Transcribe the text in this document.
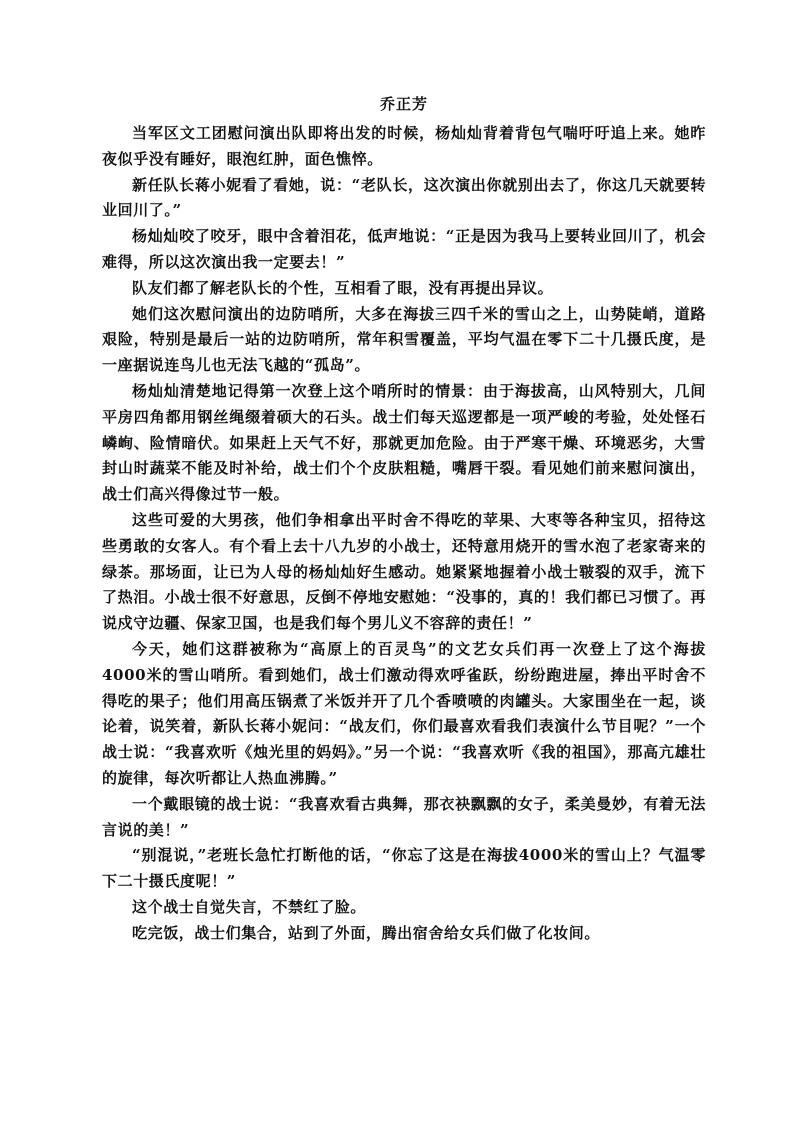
乔正芳

当军区文工团慰问演出队即将出发的时候，杨灿灿背着背包气喘吁吁追上来。她昨夜似乎没有睡好，眼泡红肿，面色憔悴。

新任队长蒋小妮看了看她，说：“老队长，这次演出你就别出去了，你这几天就要转业回川了。”

杨灿灿咬了咬牙，眼中含着泪花，低声地说：“正是因为我马上要转业回川了，机会难得，所以这次演出我一定要去！”

队友们都了解老队长的个性，互相看了眼，没有再提出异议。

她们这次慰问演出的边防哨所，大多在海拔三四千米的雪山之上，山势陡峭，道路艰险，特别是最后一站的边防哨所，常年积雪覆盖，平均气温在零下二十几摄氏度，是一座据说连鸟儿也无法飞越的“孤岛”。

杨灿灿清楚地记得第一次登上这个哨所时的情景：由于海拔高，山风特别大，几间平房四角都用钢丝绳缀着硕大的石头。战士们每天巡逻都是一项严峻的考验，处处怪石嶙峋、险情暗伏。如果赶上天气不好，那就更加危险。由于严寒干燥、环境恶劣，大雪封山时蔬菜不能及时补给，战士们个个皮肤粗糙，嘴唇干裂。看见她们前来慰问演出，战士们高兴得像过节一般。

这些可爱的大男孩，他们争相拿出平时舍不得吃的苹果、大枣等各种宝贝，招待这些勇敢的女客人。有个看上去十八九岁的小战士，还特意用烧开的雪水泡了老家寄来的绿茶。那场面，让已为人母的杨灿灿好生感动。她紧紧地握着小战士皲裂的双手，流下了热泪。小战士很不好意思，反倒不停地安慰她：“没事的，真的！我们都已习惯了。再说戍守边疆、保家卫国，也是我们每个男儿义不容辞的责任！”

今天，她们这群被称为“高原上的百灵鸟”的文艺女兵们再一次登上了这个海拔4000米的雪山哨所。看到她们，战士们激动得欢呼雀跃，纷纷跑进屋，捧出平时舍不得吃的果子；他们用高压锅煮了米饭并开了几个香喷喷的肉罐头。大家围坐在一起，谈论着，说笑着，新队长蒋小妮问：“战友们，你们最喜欢看我们表演什么节目呢？”一个战士说：“我喜欢听《烛光里的妈妈》。”另一个说：“我喜欢听《我的祖国》，那高亢雄壮的旋律，每次听都让人热血沸腾。”

一个戴眼镜的战士说：“我喜欢看古典舞，那衣袂飘飘的女子，柔美曼妙，有着无法言说的美！”

“别混说，”老班长急忙打断他的话，“你忘了这是在海拔4000米的雪山上？气温零下二十摄氏度呢！”

这个战士自觉失言，不禁红了脸。

吃完饭，战士们集合，站到了外面，腾出宿舍给女兵们做了化妆间。
